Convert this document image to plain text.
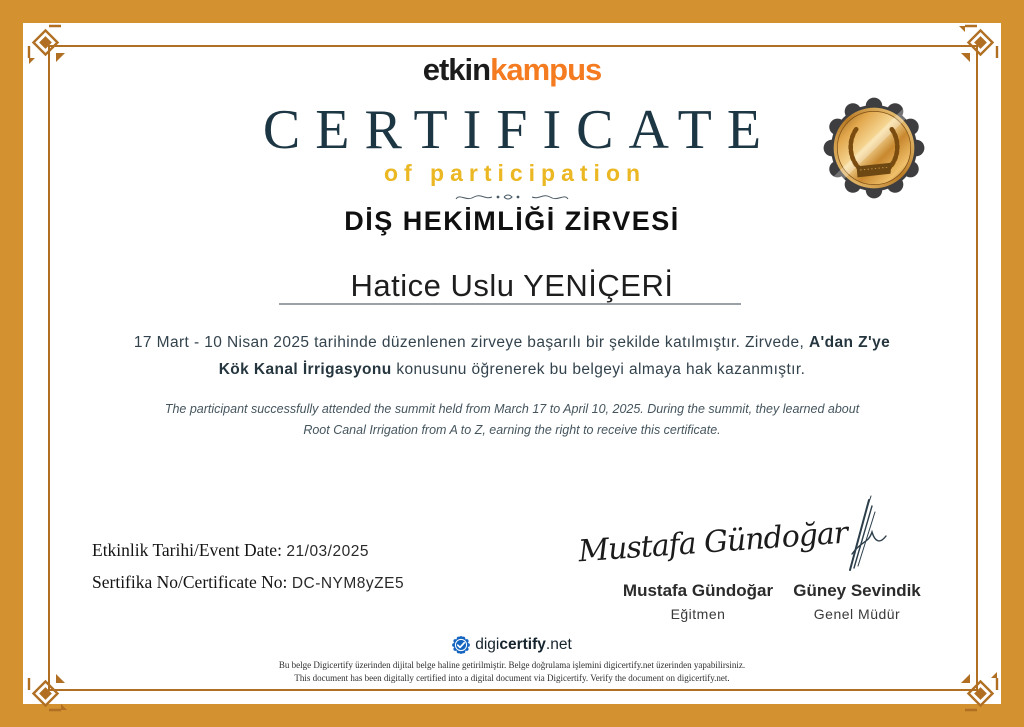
etkinkampus
CERTIFICATE
of participation
DİŞ HEKİMLİĞİ ZİRVESİ
Hatice Uslu YENİÇERİ
17 Mart - 10 Nisan 2025 tarihinde düzenlenen zirveye başarılı bir şekilde katılmıştır. Zirvede, A'dan Z'ye Kök Kanal İrrigasyonu konusunu öğrenerek bu belgeyi almaya hak kazanmıştır.
The participant successfully attended the summit held from March 17 to April 10, 2025. During the summit, they learned about Root Canal Irrigation from A to Z, earning the right to receive this certificate.
Etkinlik Tarihi/Event Date: 21/03/2025
Sertifika No/Certificate No: DC-NYM8yZE5
Mustafa Gündoğar
Mustafa Gündoğar
Eğitmen
Güney Sevindik
Genel Müdür
digicertify.net
Bu belge Digicertify üzerinden dijital belge haline getirilmiştir. Belge doğrulama işlemini digicertify.net üzerinden yapabilirsiniz.
This document has been digitally certified into a digital document via Digicertify. Verify the document on digicertify.net.
